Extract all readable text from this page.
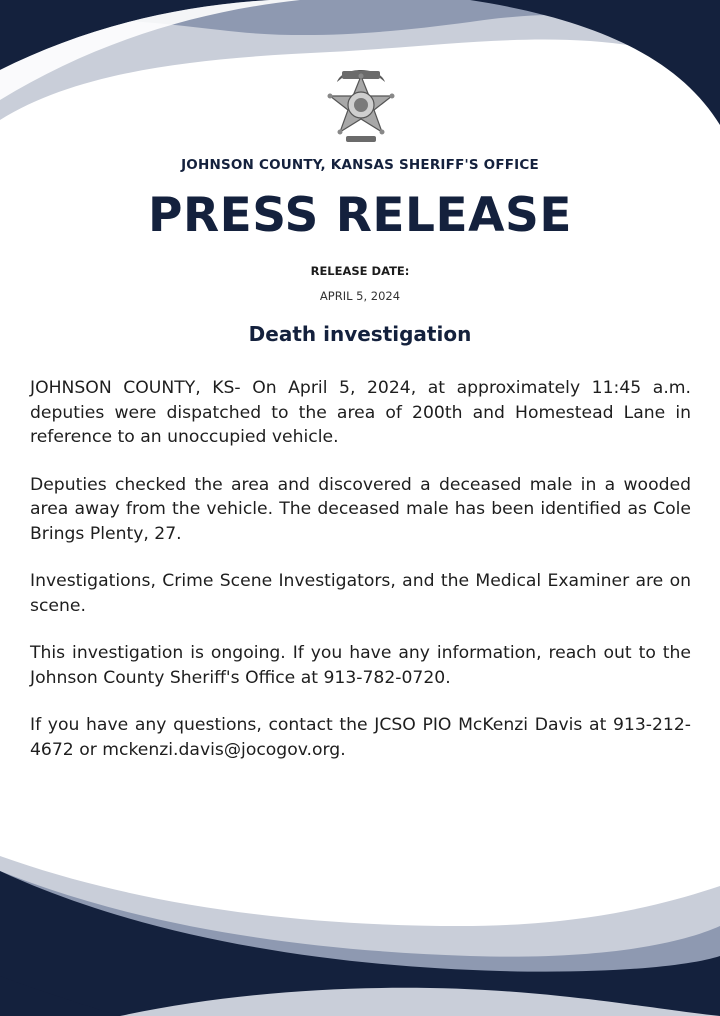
JOHNSON COUNTY, KANSAS SHERIFF'S OFFICE
PRESS RELEASE
RELEASE DATE:
APRIL 5, 2024
Death investigation

JOHNSON COUNTY, KS- On April 5, 2024, at approximately 11:45 a.m. deputies were dispatched to the area of 200th and Homestead Lane in reference to an unoccupied vehicle.

Deputies checked the area and discovered a deceased male in a wooded area away from the vehicle. The deceased male has been identified as Cole Brings Plenty, 27.

Investigations, Crime Scene Investigators, and the Medical Examiner are on scene.

This investigation is ongoing. If you have any information, reach out to the Johnson County Sheriff's Office at 913-782-0720.

If you have any questions, contact the JCSO PIO McKenzi Davis at 913-212-4672 or mckenzi.davis@jocogov.org.
